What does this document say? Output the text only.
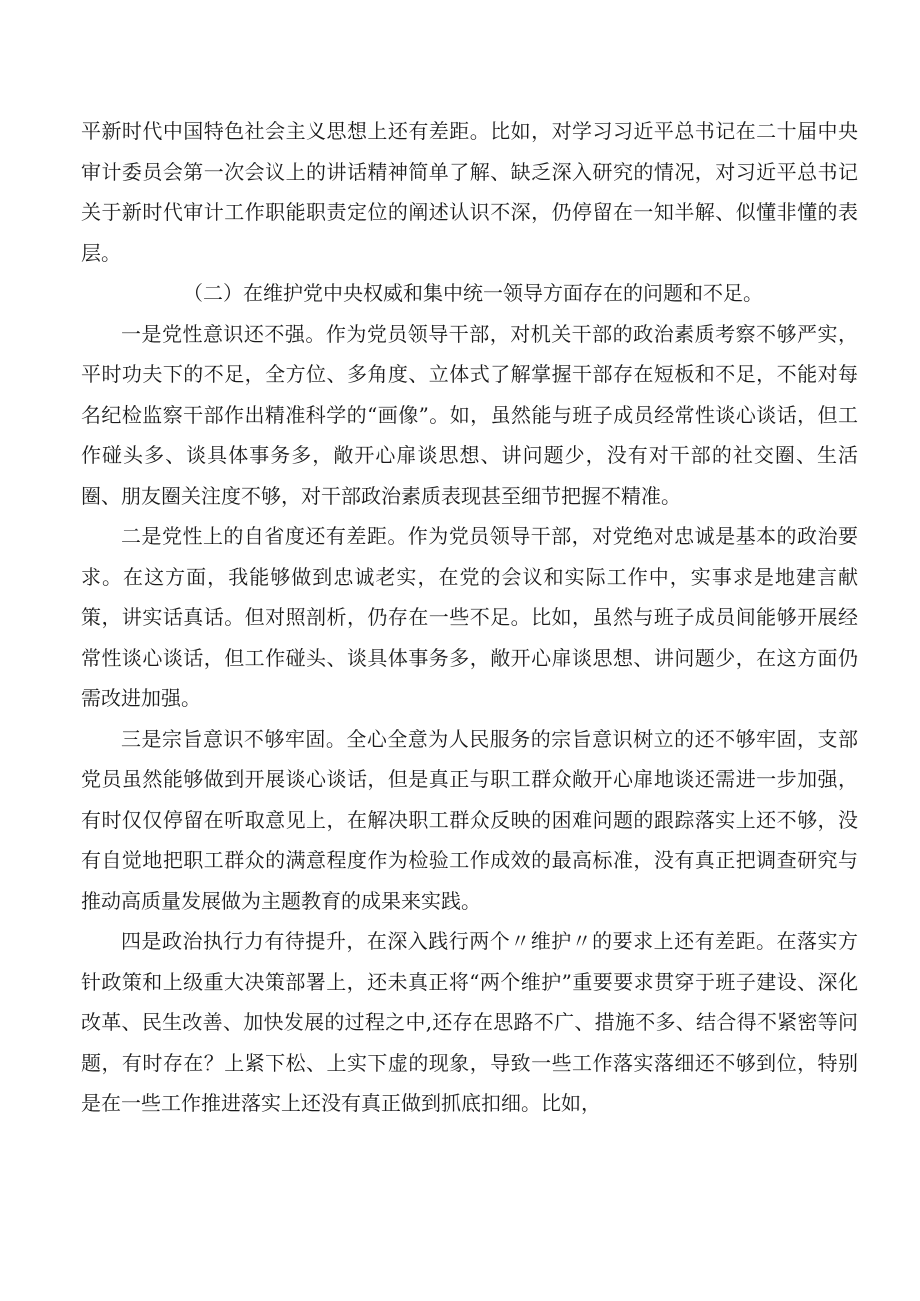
平新时代中国特色社会主义思想上还有差距。比如，对学习习近平总书记在二十届中央审计委员会第一次会议上的讲话精神简单了解、缺乏深入研究的情况，对习近平总书记关于新时代审计工作职能职责定位的阐述认识不深，仍停留在一知半解、似懂非懂的表层。

（二）在维护党中央权威和集中统一领导方面存在的问题和不足。

一是党性意识还不强。作为党员领导干部，对机关干部的政治素质考察不够严实，平时功夫下的不足，全方位、多角度、立体式了解掌握干部存在短板和不足，不能对每名纪检监察干部作出精准科学的“画像”。如，虽然能与班子成员经常性谈心谈话，但工作碰头多、谈具体事务多，敞开心扉谈思想、讲问题少，没有对干部的社交圈、生活圈、朋友圈关注度不够，对干部政治素质表现甚至细节把握不精准。

二是党性上的自省度还有差距。作为党员领导干部，对党绝对忠诚是基本的政治要求。在这方面，我能够做到忠诚老实，在党的会议和实际工作中，实事求是地建言献策，讲实话真话。但对照剖析，仍存在一些不足。比如，虽然与班子成员间能够开展经常性谈心谈话，但工作碰头、谈具体事务多，敞开心扉谈思想、讲问题少，在这方面仍需改进加强。

三是宗旨意识不够牢固。全心全意为人民服务的宗旨意识树立的还不够牢固，支部党员虽然能够做到开展谈心谈话，但是真正与职工群众敞开心扉地谈还需进一步加强，有时仅仅停留在听取意见上，在解决职工群众反映的困难问题的跟踪落实上还不够，没有自觉地把职工群众的满意程度作为检验工作成效的最高标准，没有真正把调查研究与推动高质量发展做为主题教育的成果来实践。

四是政治执行力有待提升，在深入践行两个〃维护〃的要求上还有差距。在落实方针政策和上级重大决策部署上，还未真正将“两个维护”重要要求贯穿于班子建设、深化改革、民生改善、加快发展的过程之中,还存在思路不广、措施不多、结合得不紧密等问题，有时存在？上紧下松、上实下虚的现象，导致一些工作落实落细还不够到位，特别是在一些工作推进落实上还没有真正做到抓底扣细。比如，
